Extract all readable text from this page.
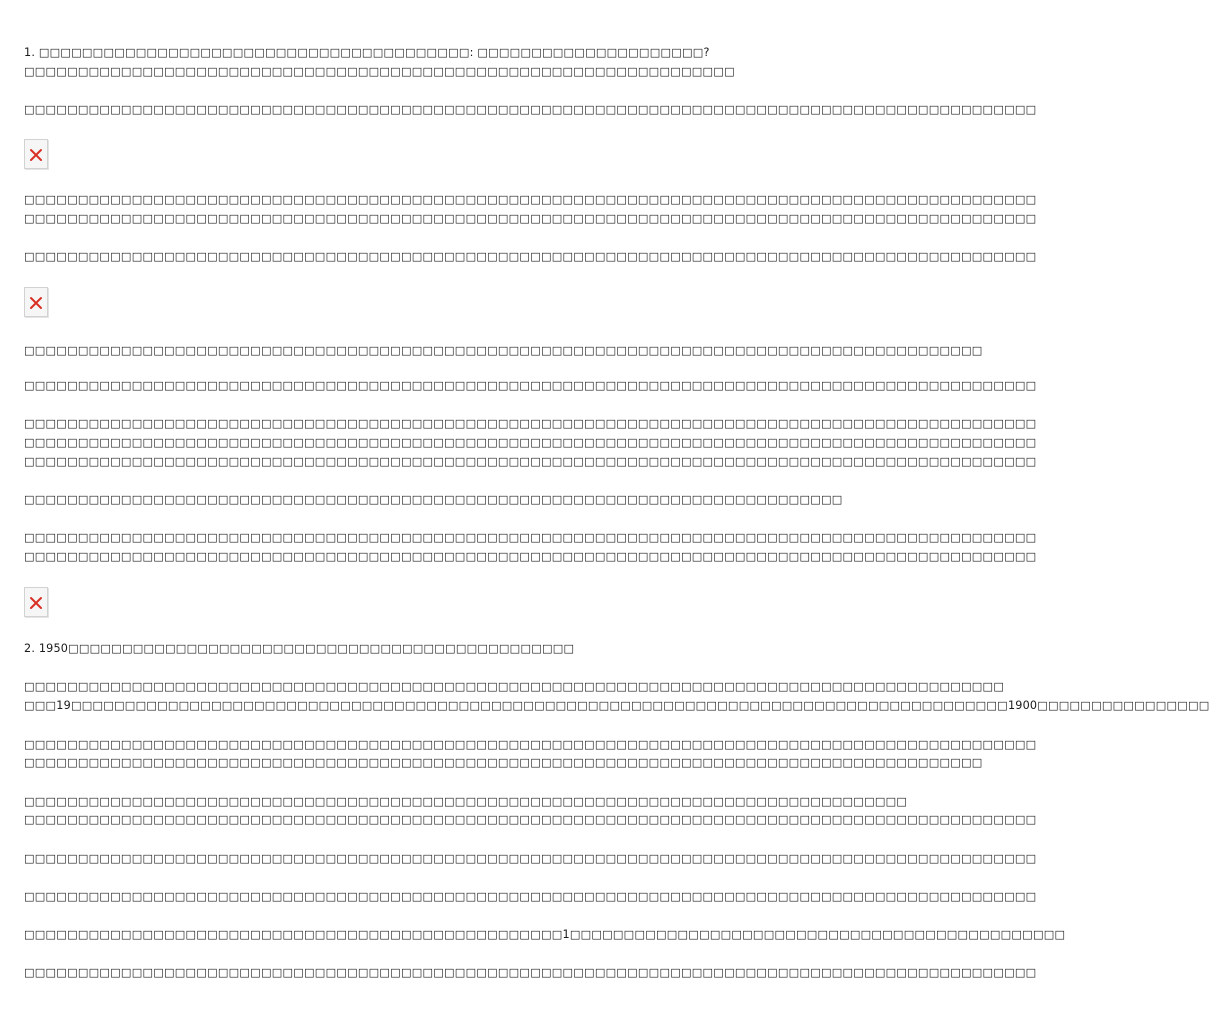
1. □□□□□□□□□□□□□□□□□□□□□□□□□□□□□□□□□□□□□□□□: □□□□□□□□□□□□□□□□□□□□□?
□□□□□□□□□□□□□□□□□□□□□□□□□□□□□□□□□□□□□□□□□□□□□□□□□□□□□□□□□□□□□□□□□□
□□□□□□□□□□□□□□□□□□□□□□□□□□□□□□□□□□□□□□□□□□□□□□□□□□□□□□□□□□□□□□□□□□□□□□□□□□□□□□□□□□□□□□□□□□□□□□
□□□□□□□□□□□□□□□□□□□□□□□□□□□□□□□□□□□□□□□□□□□□□□□□□□□□□□□□□□□□□□□□□□□□□□□□□□□□□□□□□□□□□□□□□□□□□□
□□□□□□□□□□□□□□□□□□□□□□□□□□□□□□□□□□□□□□□□□□□□□□□□□□□□□□□□□□□□□□□□□□□□□□□□□□□□□□□□□□□□□□□□□□□□□□
□□□□□□□□□□□□□□□□□□□□□□□□□□□□□□□□□□□□□□□□□□□□□□□□□□□□□□□□□□□□□□□□□□□□□□□□□□□□□□□□□□□□□□□□□□□□□□
□□□□□□□□□□□□□□□□□□□□□□□□□□□□□□□□□□□□□□□□□□□□□□□□□□□□□□□□□□□□□□□□□□□□□□□□□□□□□□□□□□□□□□□□□
□□□□□□□□□□□□□□□□□□□□□□□□□□□□□□□□□□□□□□□□□□□□□□□□□□□□□□□□□□□□□□□□□□□□□□□□□□□□□□□□□□□□□□□□□□□□□□
□□□□□□□□□□□□□□□□□□□□□□□□□□□□□□□□□□□□□□□□□□□□□□□□□□□□□□□□□□□□□□□□□□□□□□□□□□□□□□□□□□□□□□□□□□□□□□
□□□□□□□□□□□□□□□□□□□□□□□□□□□□□□□□□□□□□□□□□□□□□□□□□□□□□□□□□□□□□□□□□□□□□□□□□□□□□□□□□□□□□□□□□□□□□□
□□□□□□□□□□□□□□□□□□□□□□□□□□□□□□□□□□□□□□□□□□□□□□□□□□□□□□□□□□□□□□□□□□□□□□□□□□□□□□□□□□□□□□□□□□□□□□
□□□□□□□□□□□□□□□□□□□□□□□□□□□□□□□□□□□□□□□□□□□□□□□□□□□□□□□□□□□□□□□□□□□□□□□□□□□□
□□□□□□□□□□□□□□□□□□□□□□□□□□□□□□□□□□□□□□□□□□□□□□□□□□□□□□□□□□□□□□□□□□□□□□□□□□□□□□□□□□□□□□□□□□□□□□
□□□□□□□□□□□□□□□□□□□□□□□□□□□□□□□□□□□□□□□□□□□□□□□□□□□□□□□□□□□□□□□□□□□□□□□□□□□□□□□□□□□□□□□□□□□□□□
2. 1950□□□□□□□□□□□□□□□□□□□□□□□□□□□□□□□□□□□□□□□□□□□□□□□
□□□□□□□□□□□□□□□□□□□□□□□□□□□□□□□□□□□□□□□□□□□□□□□□□□□□□□□□□□□□□□□□□□□□□□□□□□□□□□□□□□□□□□□□□□□
□□□19□□□□□□□□□□□□□□□□□□□□□□□□□□□□□□□□□□□□□□□□□□□□□□□□□□□□□□□□□□□□□□□□□□□□□□□□□□□□□□□□□□□□□□□1900□□□□□□□□□□□□□□□□
□□□□□□□□□□□□□□□□□□□□□□□□□□□□□□□□□□□□□□□□□□□□□□□□□□□□□□□□□□□□□□□□□□□□□□□□□□□□□□□□□□□□□□□□□□□□□□
□□□□□□□□□□□□□□□□□□□□□□□□□□□□□□□□□□□□□□□□□□□□□□□□□□□□□□□□□□□□□□□□□□□□□□□□□□□□□□□□□□□□□□□□□
□□□□□□□□□□□□□□□□□□□□□□□□□□□□□□□□□□□□□□□□□□□□□□□□□□□□□□□□□□□□□□□□□□□□□□□□□□□□□□□□□□
□□□□□□□□□□□□□□□□□□□□□□□□□□□□□□□□□□□□□□□□□□□□□□□□□□□□□□□□□□□□□□□□□□□□□□□□□□□□□□□□□□□□□□□□□□□□□□
□□□□□□□□□□□□□□□□□□□□□□□□□□□□□□□□□□□□□□□□□□□□□□□□□□□□□□□□□□□□□□□□□□□□□□□□□□□□□□□□□□□□□□□□□□□□□□
□□□□□□□□□□□□□□□□□□□□□□□□□□□□□□□□□□□□□□□□□□□□□□□□□□□□□□□□□□□□□□□□□□□□□□□□□□□□□□□□□□□□□□□□□□□□□□
□□□□□□□□□□□□□□□□□□□□□□□□□□□□□□□□□□□□□□□□□□□□□□□□□□1□□□□□□□□□□□□□□□□□□□□□□□□□□□□□□□□□□□□□□□□□□□□□□
□□□□□□□□□□□□□□□□□□□□□□□□□□□□□□□□□□□□□□□□□□□□□□□□□□□□□□□□□□□□□□□□□□□□□□□□□□□□□□□□□□□□□□□□□□□□□□
